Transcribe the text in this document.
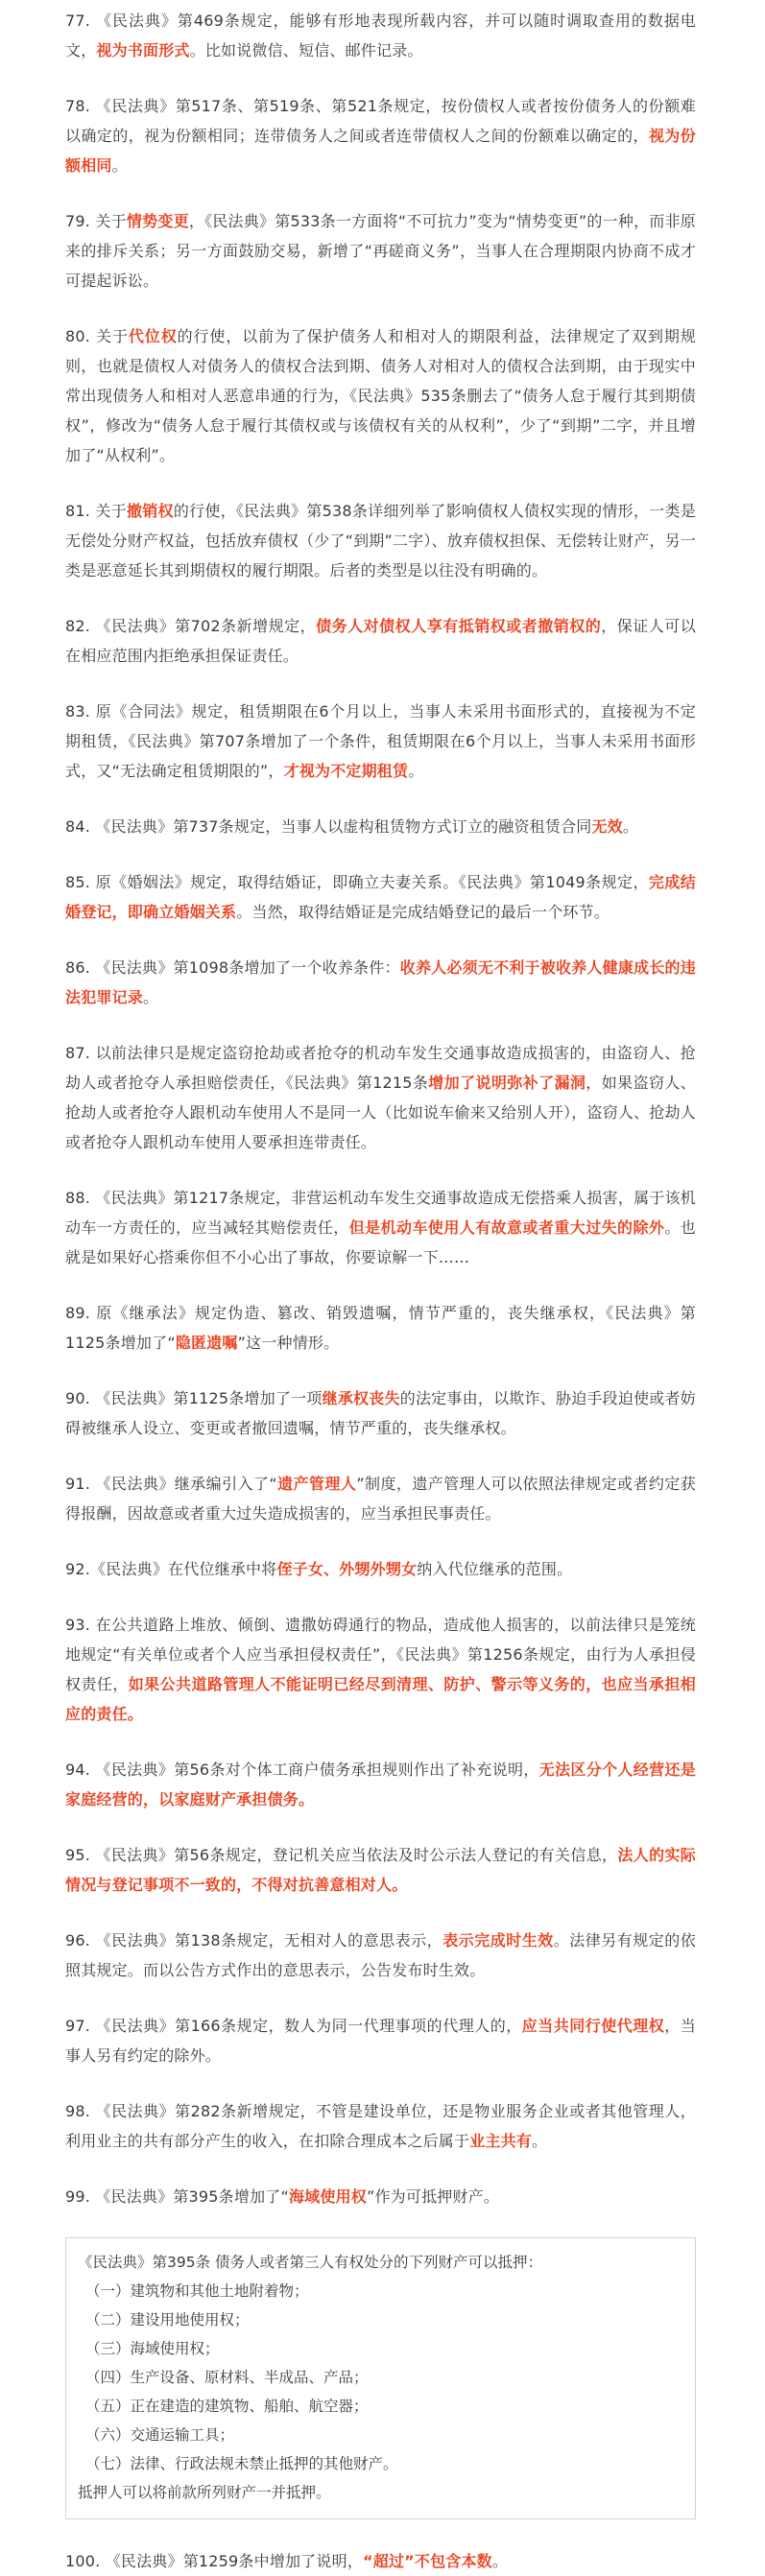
77. 《民法典》第469条规定，能够有形地表现所载内容，并可以随时调取查用的数据电文，视为书面形式。比如说微信、短信、邮件记录。

78. 《民法典》第517条、第519条、第521条规定，按份债权人或者按份债务人的份额难以确定的，视为份额相同；连带债务人之间或者连带债权人之间的份额难以确定的，视为份额相同。

79. 关于情势变更，《民法典》第533条一方面将“不可抗力”变为“情势变更”的一种，而非原来的排斥关系；另一方面鼓励交易，新增了“再磋商义务”，当事人在合理期限内协商不成才可提起诉讼。

80. 关于代位权的行使，以前为了保护债务人和相对人的期限利益，法律规定了双到期规则，也就是债权人对债务人的债权合法到期、债务人对相对人的债权合法到期，由于现实中常出现债务人和相对人恶意串通的行为，《民法典》535条删去了“债务人怠于履行其到期债权”，修改为“债务人怠于履行其债权或与该债权有关的从权利”，少了“到期”二字，并且增加了“从权利”。

81. 关于撤销权的行使，《民法典》第538条详细列举了影响债权人债权实现的情形，一类是无偿处分财产权益，包括放弃债权（少了“到期”二字）、放弃债权担保、无偿转让财产，另一类是恶意延长其到期债权的履行期限。后者的类型是以往没有明确的。

82. 《民法典》第702条新增规定，债务人对债权人享有抵销权或者撤销权的，保证人可以在相应范围内拒绝承担保证责任。

83. 原《合同法》规定，租赁期限在6个月以上，当事人未采用书面形式的，直接视为不定期租赁，《民法典》第707条增加了一个条件，租赁期限在6个月以上，当事人未采用书面形式，又“无法确定租赁期限的”，才视为不定期租赁。

84. 《民法典》第737条规定，当事人以虚构租赁物方式订立的融资租赁合同无效。

85. 原《婚姻法》规定，取得结婚证，即确立夫妻关系。《民法典》第1049条规定，完成结婚登记，即确立婚姻关系。当然，取得结婚证是完成结婚登记的最后一个环节。

86. 《民法典》第1098条增加了一个收养条件：收养人必须无不利于被收养人健康成长的违法犯罪记录。

87. 以前法律只是规定盗窃抢劫或者抢夺的机动车发生交通事故造成损害的，由盗窃人、抢劫人或者抢夺人承担赔偿责任，《民法典》第1215条增加了说明弥补了漏洞，如果盗窃人、抢劫人或者抢夺人跟机动车使用人不是同一人（比如说车偷来又给别人开），盗窃人、抢劫人或者抢夺人跟机动车使用人要承担连带责任。

88. 《民法典》第1217条规定，非营运机动车发生交通事故造成无偿搭乘人损害，属于该机动车一方责任的，应当减轻其赔偿责任，但是机动车使用人有故意或者重大过失的除外。也就是如果好心搭乘你但不小心出了事故，你要谅解一下……

89. 原《继承法》规定伪造、篡改、销毁遗嘱，情节严重的，丧失继承权，《民法典》第1125条增加了“隐匿遗嘱”这一种情形。

90. 《民法典》第1125条增加了一项继承权丧失的法定事由，以欺诈、胁迫手段迫使或者妨碍被继承人设立、变更或者撤回遗嘱，情节严重的，丧失继承权。

91. 《民法典》继承编引入了“遗产管理人”制度，遗产管理人可以依照法律规定或者约定获得报酬，因故意或者重大过失造成损害的，应当承担民事责任。

92.《民法典》在代位继承中将侄子女、外甥外甥女纳入代位继承的范围。

93. 在公共道路上堆放、倾倒、遗撒妨碍通行的物品，造成他人损害的，以前法律只是笼统地规定“有关单位或者个人应当承担侵权责任”，《民法典》第1256条规定，由行为人承担侵权责任，如果公共道路管理人不能证明已经尽到清理、防护、警示等义务的，也应当承担相应的责任。

94. 《民法典》第56条对个体工商户债务承担规则作出了补充说明，无法区分个人经营还是家庭经营的，以家庭财产承担债务。

95. 《民法典》第56条规定，登记机关应当依法及时公示法人登记的有关信息，法人的实际情况与登记事项不一致的，不得对抗善意相对人。

96. 《民法典》第138条规定，无相对人的意思表示，表示完成时生效。法律另有规定的依照其规定。而以公告方式作出的意思表示，公告发布时生效。

97. 《民法典》第166条规定，数人为同一代理事项的代理人的，应当共同行使代理权，当事人另有约定的除外。

98. 《民法典》第282条新增规定，不管是建设单位，还是物业服务企业或者其他管理人，利用业主的共有部分产生的收入，在扣除合理成本之后属于业主共有。

99. 《民法典》第395条增加了“海域使用权”作为可抵押财产。

《民法典》第395条 债务人或者第三人有权处分的下列财产可以抵押：

（一）建筑物和其他土地附着物；

（二）建设用地使用权；

（三）海域使用权；

（四）生产设备、原材料、半成品、产品；

（五）正在建造的建筑物、船舶、航空器；

（六）交通运输工具；

（七）法律、行政法规未禁止抵押的其他财产。

抵押人可以将前款所列财产一并抵押。

100. 《民法典》第1259条中增加了说明，“超过”不包含本数。
